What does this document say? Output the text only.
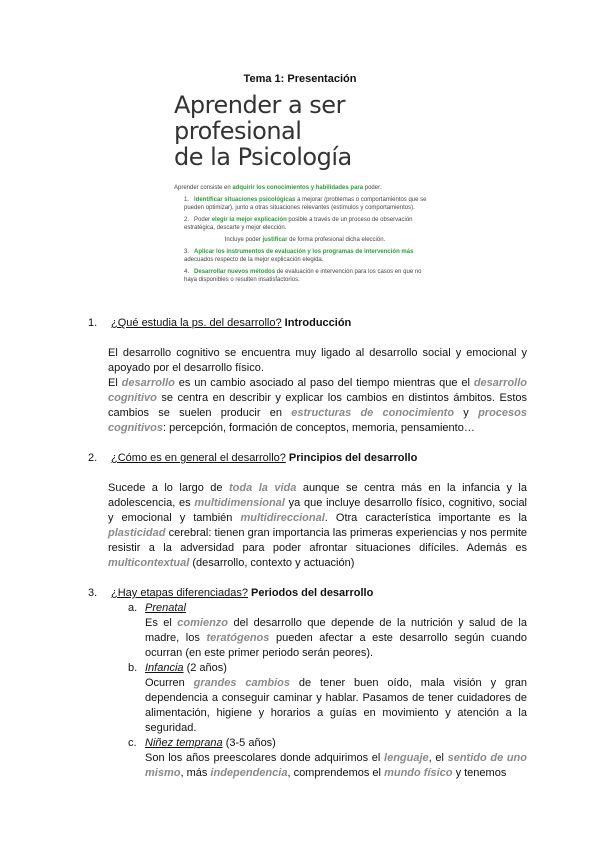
Tema 1: Presentación
Aprender a ser profesional
de la Psicología
Aprender consiste en adquirir los conocimientos y habilidades para poder:
1. Identificar situaciones psicológicas a mejorar (problemas o comportamientos que se pueden optimizar), junto a otras situaciones relevantes (estímulos y comportamientos).
2. Poder elegir la mejor explicación posible a través de un proceso de observación estratégica, descarte y mejor elección.
Incluye poder justificar de forma profesional dicha elección.
3. Aplicar los instrumentos de evaluación y los programas de intervención más adecuados respecto de la mejor explicación elegida.
4. Desarrollar nuevos métodos de evaluación e intervención para los casos en que no haya disponibles o resulten insatisfactorios.
1. ¿Qué estudia la ps. del desarrollo? Introducción
El desarrollo cognitivo se encuentra muy ligado al desarrollo social y emocional y apoyado por el desarrollo físico.
El desarrollo es un cambio asociado al paso del tiempo mientras que el desarrollo cognitivo se centra en describir y explicar los cambios en distintos ámbitos. Estos cambios se suelen producir en estructuras de conocimiento y procesos cognitivos: percepción, formación de conceptos, memoria, pensamiento…
2. ¿Cómo es en general el desarrollo? Principios del desarrollo
Sucede a lo largo de toda la vida aunque se centra más en la infancia y la adolescencia, es multidimensional ya que incluye desarrollo físico, cognitivo, social y emocional y también multidireccional. Otra característica importante es la plasticidad cerebral: tienen gran importancia las primeras experiencias y nos permite resistir a la adversidad para poder afrontar situaciones difíciles. Además es multicontextual (desarrollo, contexto y actuación)
3. ¿Hay etapas diferenciadas? Periodos del desarrollo
a. Prenatal
Es el comienzo del desarrollo que depende de la nutrición y salud de la madre, los teratógenos pueden afectar a este desarrollo según cuando ocurran (en este primer periodo serán peores).
b. Infancia (2 años)
Ocurren grandes cambios de tener buen oído, mala visión y gran dependencia a conseguir caminar y hablar. Pasamos de tener cuidadores de alimentación, higiene y horarios a guías en movimiento y atención a la seguridad.
c. Niñez temprana (3-5 años)
Son los años preescolares donde adquirimos el lenguaje, el sentido de uno mismo, más independencia, comprendemos el mundo físico y tenemos
